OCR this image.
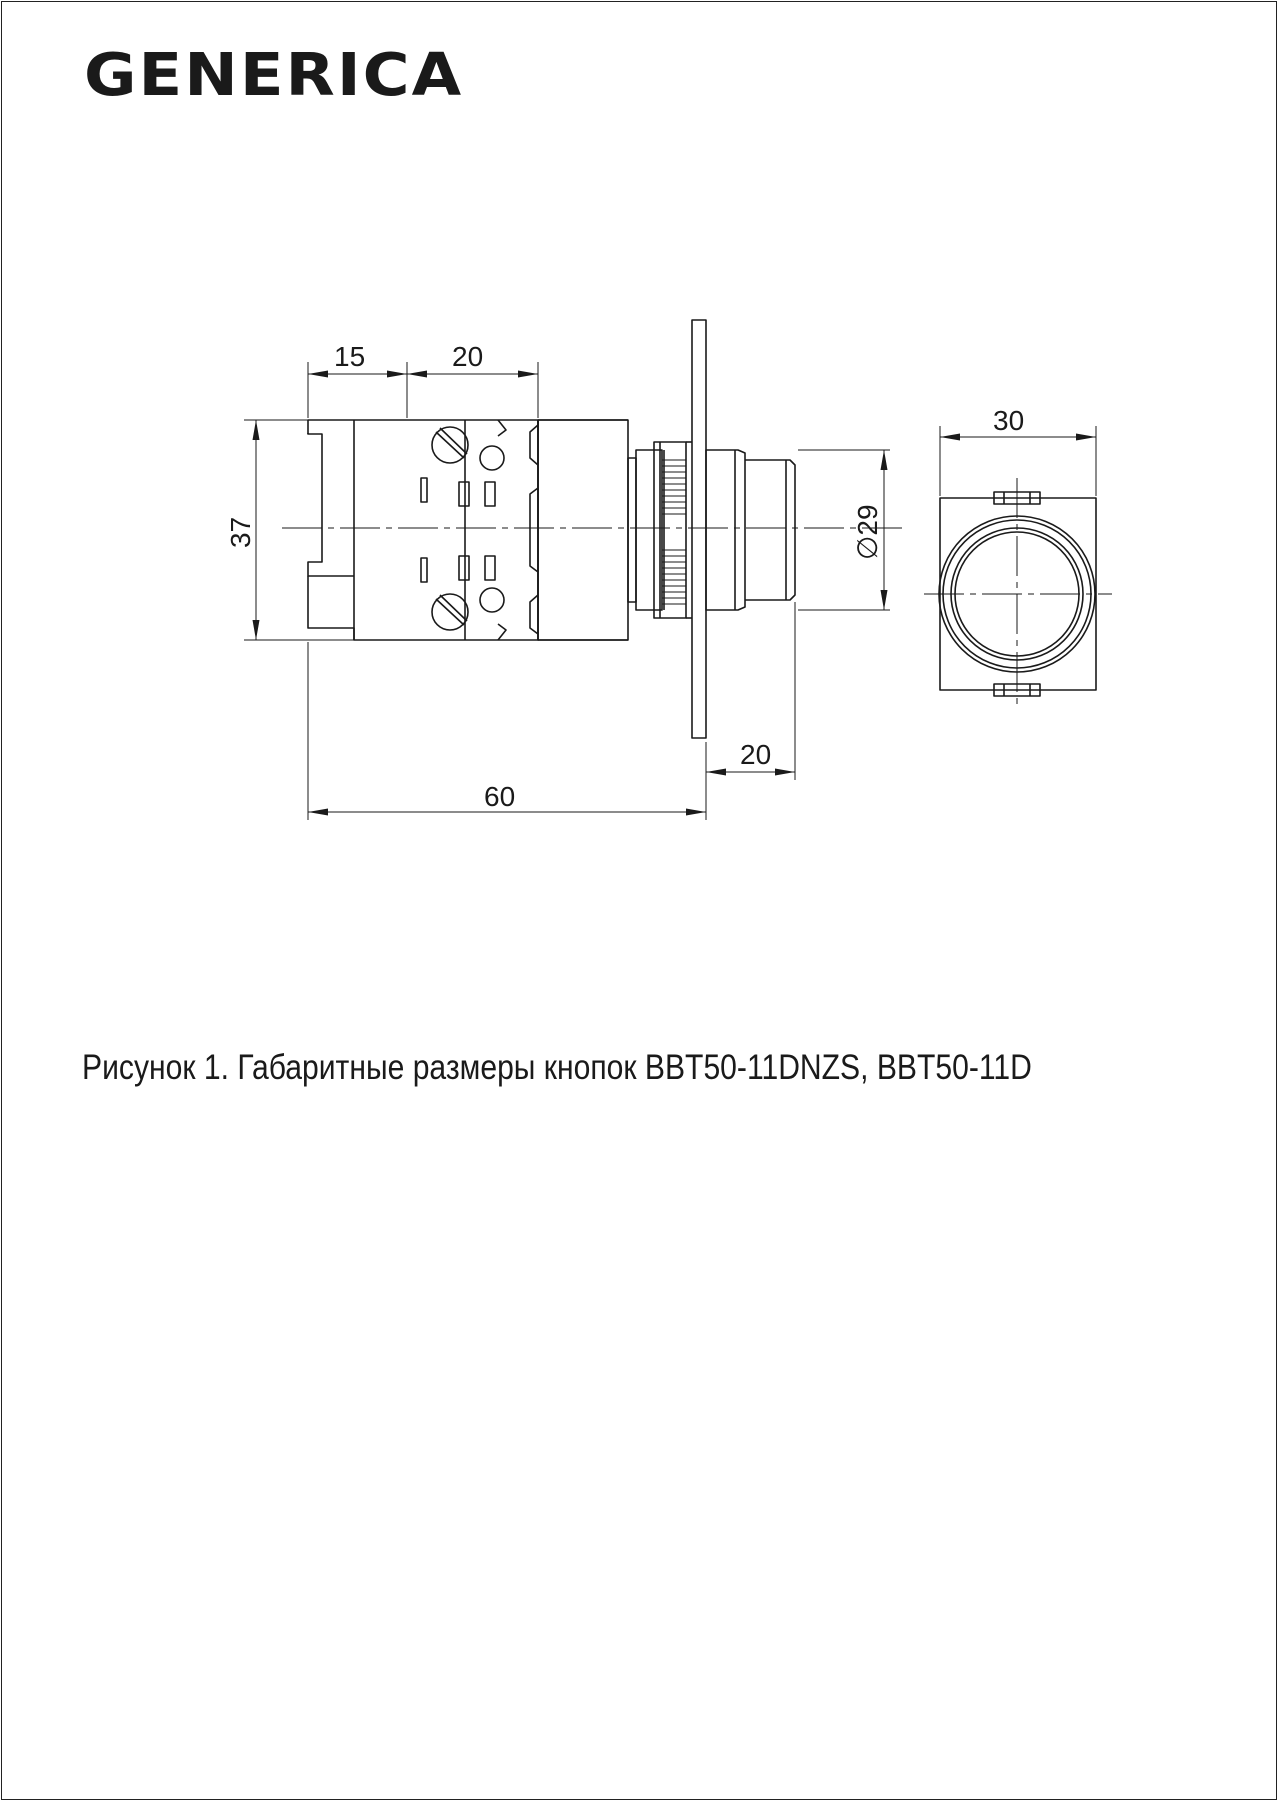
GENERICA
15	20
37	∅29
30
20
60

Рисунок 1. Габаритные размеры кнопок BBT50-11DNZS, BBT50-11D
